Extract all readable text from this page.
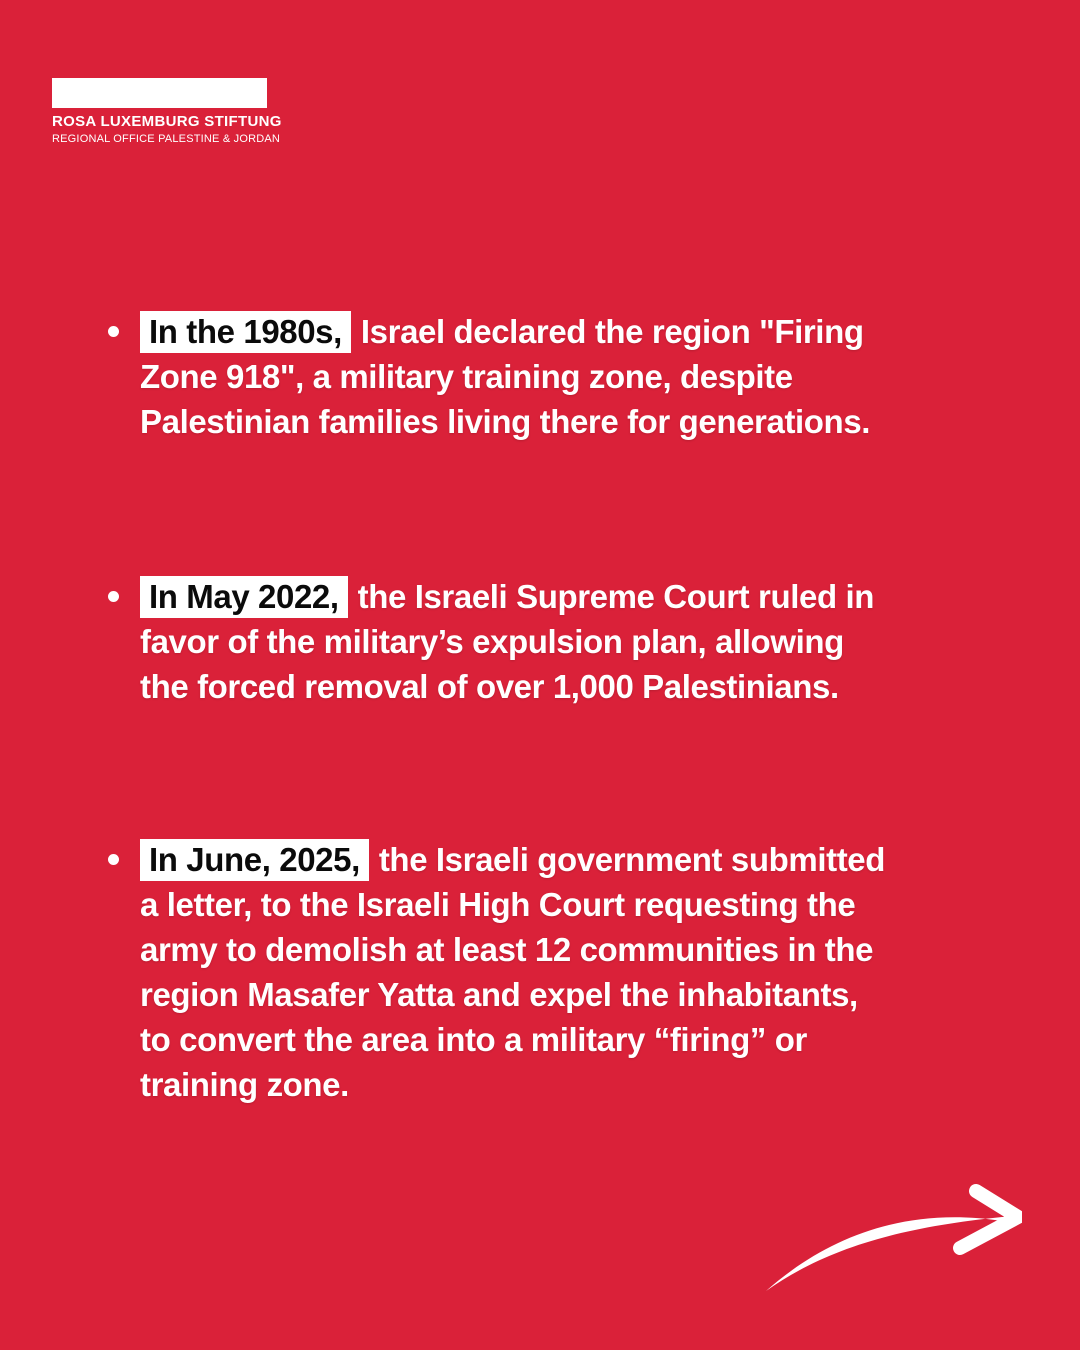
ROSA LUXEMBURG STIFTUNG
REGIONAL OFFICE PALESTINE & JORDAN
In the 1980s, Israel declared the region "Firing
Zone 918", a military training zone, despite
Palestinian families living there for generations.
In May 2022, the Israeli Supreme Court ruled in
favor of the military’s expulsion plan, allowing
the forced removal of over 1,000 Palestinians.
In June, 2025, the Israeli government submitted
a letter, to the Israeli High Court requesting the
army to demolish at least 12 communities in the
region Masafer Yatta and expel the inhabitants,
to convert the area into a military “firing” or
training zone.
